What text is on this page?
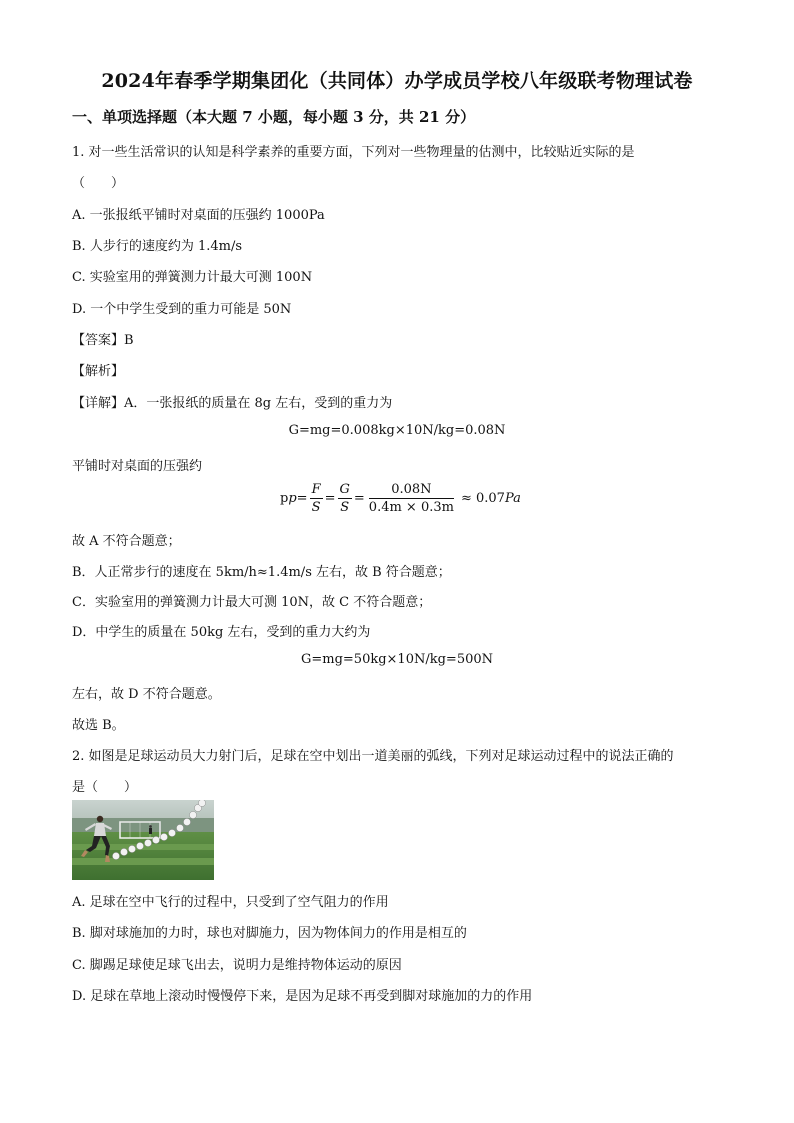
2024年春季学期集团化（共同体）办学成员学校八年级联考物理试卷
一、单项选择题（本大题 7 小题，每小题 3 分，共 21 分）
1. 对一些生活常识的认知是科学素养的重要方面，下列对一些物理量的估测中，比较贴近实际的是
（　　）
A. 一张报纸平铺时对桌面的压强约 1000Pa
B. 人步行的速度约为 1.4m/s
C. 实验室用的弹簧测力计最大可测 100N
D. 一个中学生受到的重力可能是 50N
【答案】B
【解析】
【详解】A．一张报纸的质量在 8g 左右，受到的重力为
G=mg=0.008kg×10N/kg=0.08N
平铺时对桌面的压强约
p $p = \frac{F}{S} = \frac{G}{S} = \frac{0.08N}{0.4m \times 0.3m} \approx 0.07$ Pa
故 A 不符合题意；
B．人正常步行的速度在 5km/h≈1.4m/s 左右，故 B 符合题意；
C．实验室用的弹簧测力计最大可测 10N，故 C 不符合题意；
D．中学生的质量在 50kg 左右，受到的重力大约为
G=mg=50kg×10N/kg=500N
左右，故 D 不符合题意。
故选 B。
2. 如图是足球运动员大力射门后，足球在空中划出一道美丽的弧线，下列对足球运动过程中的说法正确的
是（　　）
A. 足球在空中飞行的过程中，只受到了空气阻力的作用
B. 脚对球施加的力时，球也对脚施力，因为物体间力的作用是相互的
C. 脚踢足球使足球飞出去，说明力是维持物体运动的原因
D. 足球在草地上滚动时慢慢停下来，是因为足球不再受到脚对球施加的力的作用
